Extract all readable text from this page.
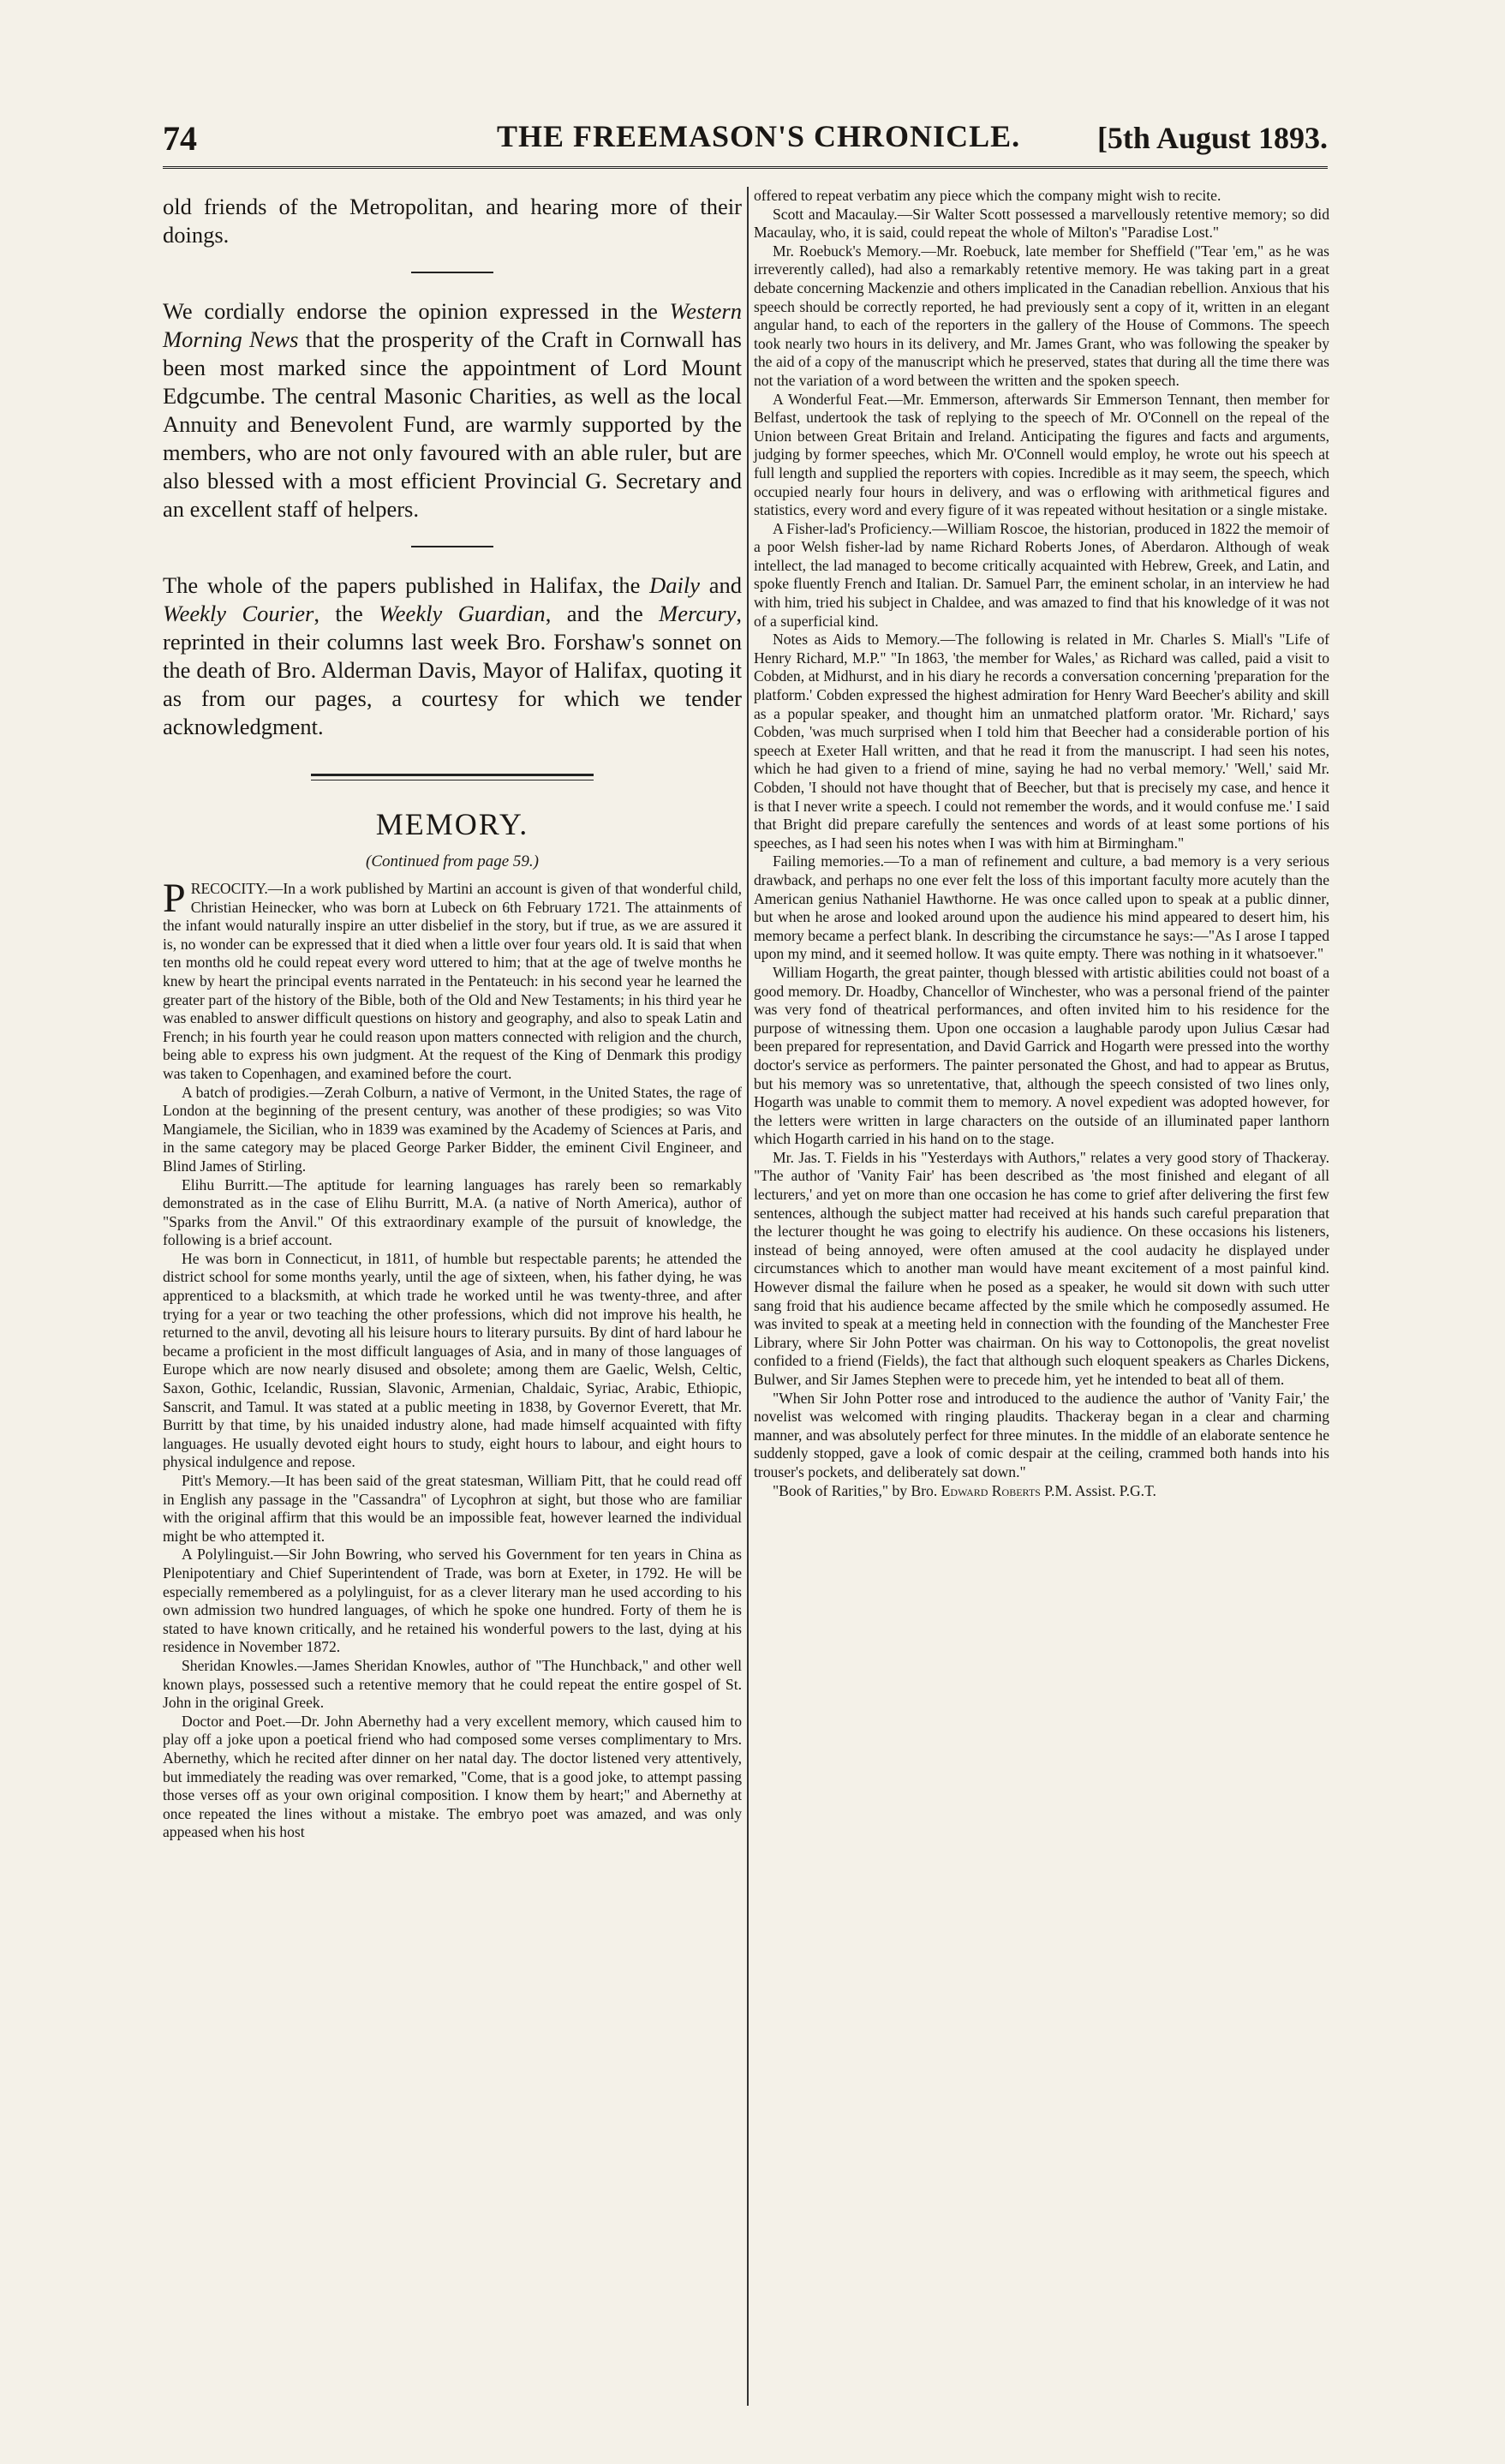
74	THE FREEMASON'S CHRONICLE. [5th August 1893.

old friends of the Metropolitan, and hearing more of their doings.

We cordially endorse the opinion expressed in the Western Morning News that the prosperity of the Craft in Cornwall has been most marked since the appointment of Lord Mount Edgcumbe. The central Masonic Charities, as well as the local Annuity and Benevolent Fund, are warmly supported by the members, who are not only favoured with an able ruler, but are also blessed with a most efficient Provincial G. Secretary and an excellent staff of helpers.

The whole of the papers published in Halifax, the Daily and Weekly Courier, the Weekly Guardian, and the Mercury, reprinted in their columns last week Bro. Forshaw's sonnet on the death of Bro. Alderman Davis, Mayor of Halifax, quoting it as from our pages, a courtesy for which we tender acknowledgment.

MEMORY.

(Continued from page 59.)

PRECOCITY.—In a work published by Martini an account is given of that wonderful child, Christian Heinecker, who was born at Lubeck on 6th February 1721. The attainments of the infant would naturally inspire an utter disbelief in the story, but if true, as we are assured it is, no wonder can be expressed that it died when a little over four years old. It is said that when ten months old he could repeat every word uttered to him; that at the age of twelve months he knew by heart the principal events narrated in the Pentateuch: in his second year he learned the greater part of the history of the Bible, both of the Old and New Testaments; in his third year he was enabled to answer difficult questions on history and geography, and also to speak Latin and French; in his fourth year he could reason upon matters connected with religion and the church, being able to express his own judgment. At the request of the King of Denmark this prodigy was taken to Copenhagen, and examined before the court.

A batch of prodigies.—Zerah Colburn, a native of Vermont, in the United States, the rage of London at the beginning of the present century, was another of these prodigies; so was Vito Mangiamele, the Sicilian, who in 1839 was examined by the Academy of Sciences at Paris, and in the same category may be placed George Parker Bidder, the eminent Civil Engineer, and Blind James of Stirling.

Elihu Burritt.—The aptitude for learning languages has rarely been so remarkably demonstrated as in the case of Elihu Burritt, M.A. (a native of North America), author of "Sparks from the Anvil." Of this extraordinary example of the pursuit of knowledge, the following is a brief account.

He was born in Connecticut, in 1811, of humble but respectable parents; he attended the district school for some months yearly, until the age of sixteen, when, his father dying, he was apprenticed to a blacksmith, at which trade he worked until he was twenty-three, and after trying for a year or two teaching the other professions, which did not improve his health, he returned to the anvil, devoting all his leisure hours to literary pursuits. By dint of hard labour he became a proficient in the most difficult languages of Asia, and in many of those languages of Europe which are now nearly disused and obsolete; among them are Gaelic, Welsh, Celtic, Saxon, Gothic, Icelandic, Russian, Slavonic, Armenian, Chaldaic, Syriac, Arabic, Ethiopic, Sanscrit, and Tamul. It was stated at a public meeting in 1838, by Governor Everett, that Mr. Burritt by that time, by his unaided industry alone, had made himself acquainted with fifty languages. He usually devoted eight hours to study, eight hours to labour, and eight hours to physical indulgence and repose.

Pitt's Memory.—It has been said of the great statesman, William Pitt, that he could read off in English any passage in the "Cassandra" of Lycophron at sight, but those who are familiar with the original affirm that this would be an impossible feat, however learned the individual might be who attempted it.

A Polylinguist.—Sir John Bowring, who served his Government for ten years in China as Plenipotentiary and Chief Superintendent of Trade, was born at Exeter, in 1792. He will be especially remembered as a polylinguist, for as a clever literary man he used according to his own admission two hundred languages, of which he spoke one hundred. Forty of them he is stated to have known critically, and he retained his wonderful powers to the last, dying at his residence in November 1872.

Sheridan Knowles.—James Sheridan Knowles, author of "The Hunchback," and other well known plays, possessed such a retentive memory that he could repeat the entire gospel of St. John in the original Greek.

Doctor and Poet.—Dr. John Abernethy had a very excellent memory, which caused him to play off a joke upon a poetical friend who had composed some verses complimentary to Mrs. Abernethy, which he recited after dinner on her natal day. The doctor listened very attentively, but immediately the reading was over remarked, "Come, that is a good joke, to attempt passing those verses off as your own original composition. I know them by heart;" and Abernethy at once repeated the lines without a mistake. The embryo poet was amazed, and was only appeased when his host

offered to repeat verbatim any piece which the company might wish to recite.

Scott and Macaulay.—Sir Walter Scott possessed a marvellously retentive memory; so did Macaulay, who, it is said, could repeat the whole of Milton's "Paradise Lost."

Mr. Roebuck's Memory.—Mr. Roebuck, late member for Sheffield ("Tear 'em," as he was irreverently called), had also a remarkably retentive memory. He was taking part in a great debate concerning Mackenzie and others implicated in the Canadian rebellion. Anxious that his speech should be correctly reported, he had previously sent a copy of it, written in an elegant angular hand, to each of the reporters in the gallery of the House of Commons. The speech took nearly two hours in its delivery, and Mr. James Grant, who was following the speaker by the aid of a copy of the manuscript which he preserved, states that during all the time there was not the variation of a word between the written and the spoken speech.

A Wonderful Feat.—Mr. Emmerson, afterwards Sir Emmerson Tennant, then member for Belfast, undertook the task of replying to the speech of Mr. O'Connell on the repeal of the Union between Great Britain and Ireland. Anticipating the figures and facts and arguments, judging by former speeches, which Mr. O'Connell would employ, he wrote out his speech at full length and supplied the reporters with copies. Incredible as it may seem, the speech, which occupied nearly four hours in delivery, and was o erflowing with arithmetical figures and statistics, every word and every figure of it was repeated without hesitation or a single mistake.

A Fisher-lad's Proficiency.—William Roscoe, the historian, produced in 1822 the memoir of a poor Welsh fisher-lad by name Richard Roberts Jones, of Aberdaron. Although of weak intellect, the lad managed to become critically acquainted with Hebrew, Greek, and Latin, and spoke fluently French and Italian. Dr. Samuel Parr, the eminent scholar, in an interview he had with him, tried his subject in Chaldee, and was amazed to find that his knowledge of it was not of a superficial kind.

Notes as Aids to Memory.—The following is related in Mr. Charles S. Miall's "Life of Henry Richard, M.P." "In 1863, 'the member for Wales,' as Richard was called, paid a visit to Cobden, at Midhurst, and in his diary he records a conversation concerning 'preparation for the platform.' Cobden expressed the highest admiration for Henry Ward Beecher's ability and skill as a popular speaker, and thought him an unmatched platform orator. 'Mr. Richard,' says Cobden, 'was much surprised when I told him that Beecher had a considerable portion of his speech at Exeter Hall written, and that he read it from the manuscript. I had seen his notes, which he had given to a friend of mine, saying he had no verbal memory.' 'Well,' said Mr. Cobden, 'I should not have thought that of Beecher, but that is precisely my case, and hence it is that I never write a speech. I could not remember the words, and it would confuse me.' I said that Bright did prepare carefully the sentences and words of at least some portions of his speeches, as I had seen his notes when I was with him at Birmingham."

Failing memories.—To a man of refinement and culture, a bad memory is a very serious drawback, and perhaps no one ever felt the loss of this important faculty more acutely than the American genius Nathaniel Hawthorne. He was once called upon to speak at a public dinner, but when he arose and looked around upon the audience his mind appeared to desert him, his memory became a perfect blank. In describing the circumstance he says:—"As I arose I tapped upon my mind, and it seemed hollow. It was quite empty. There was nothing in it whatsoever."

William Hogarth, the great painter, though blessed with artistic abilities could not boast of a good memory. Dr. Hoadby, Chancellor of Winchester, who was a personal friend of the painter was very fond of theatrical performances, and often invited him to his residence for the purpose of witnessing them. Upon one occasion a laughable parody upon Julius Cæsar had been prepared for representation, and David Garrick and Hogarth were pressed into the worthy doctor's service as performers. The painter personated the Ghost, and had to appear as Brutus, but his memory was so unretentative, that, although the speech consisted of two lines only, Hogarth was unable to commit them to memory. A novel expedient was adopted however, for the letters were written in large characters on the outside of an illuminated paper lanthorn which Hogarth carried in his hand on to the stage.

Mr. Jas. T. Fields in his "Yesterdays with Authors," relates a very good story of Thackeray. "The author of 'Vanity Fair' has been described as 'the most finished and elegant of all lecturers,' and yet on more than one occasion he has come to grief after delivering the first few sentences, although the subject matter had received at his hands such careful preparation that the lecturer thought he was going to electrify his audience. On these occasions his listeners, instead of being annoyed, were often amused at the cool audacity he displayed under circumstances which to another man would have meant excitement of a most painful kind. However dismal the failure when he posed as a speaker, he would sit down with such utter sang froid that his audience became affected by the smile which he composedly assumed. He was invited to speak at a meeting held in connection with the founding of the Manchester Free Library, where Sir John Potter was chairman. On his way to Cottonopolis, the great novelist confided to a friend (Fields), the fact that although such eloquent speakers as Charles Dickens, Bulwer, and Sir James Stephen were to precede him, yet he intended to beat all of them.

"When Sir John Potter rose and introduced to the audience the author of 'Vanity Fair,' the novelist was welcomed with ringing plaudits. Thackeray began in a clear and charming manner, and was absolutely perfect for three minutes. In the middle of an elaborate sentence he suddenly stopped, gave a look of comic despair at the ceiling, crammed both hands into his trouser's pockets, and deliberately sat down."

"Book of Rarities," by Bro. Edward Roberts P.M. Assist. P.G.T.
